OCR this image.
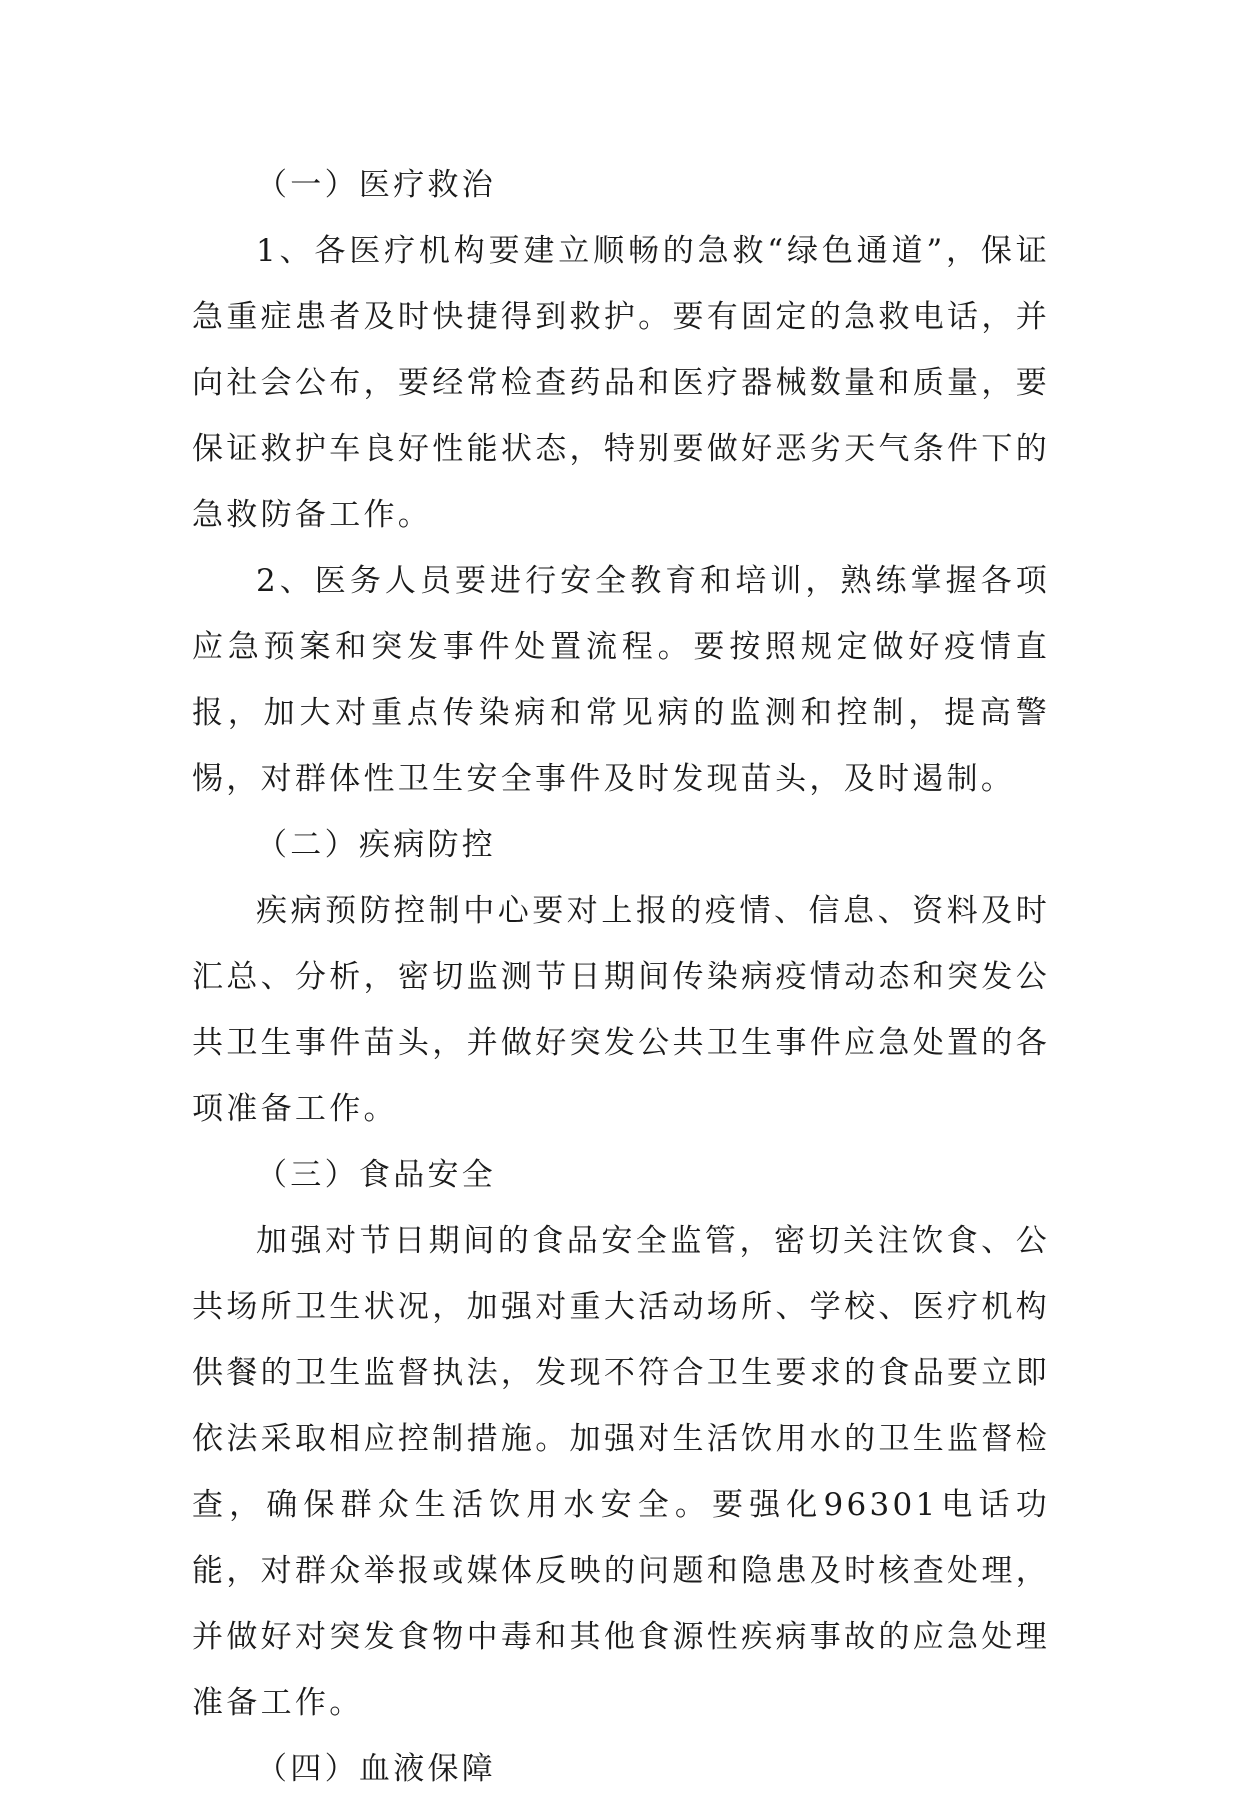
（一）医疗救治
1、各医疗机构要建立顺畅的急救“绿色通道”，保证急重症患者及时快捷得到救护。要有固定的急救电话，并向社会公布，要经常检查药品和医疗器械数量和质量，要保证救护车良好性能状态，特别要做好恶劣天气条件下的急救防备工作。
2、医务人员要进行安全教育和培训，熟练掌握各项应急预案和突发事件处置流程。要按照规定做好疫情直报，加大对重点传染病和常见病的监测和控制，提高警惕，对群体性卫生安全事件及时发现苗头，及时遏制。
（二）疾病防控
疾病预防控制中心要对上报的疫情、信息、资料及时汇总、分析，密切监测节日期间传染病疫情动态和突发公共卫生事件苗头，并做好突发公共卫生事件应急处置的各项准备工作。
（三）食品安全
加强对节日期间的食品安全监管，密切关注饮食、公共场所卫生状况，加强对重大活动场所、学校、医疗机构供餐的卫生监督执法，发现不符合卫生要求的食品要立即依法采取相应控制措施。加强对生活饮用水的卫生监督检查，确保群众生活饮用水安全。要强化96301电话功能，对群众举报或媒体反映的问题和隐患及时核查处理，并做好对突发食物中毒和其他食源性疾病事故的应急处理准备工作。
（四）血液保障
